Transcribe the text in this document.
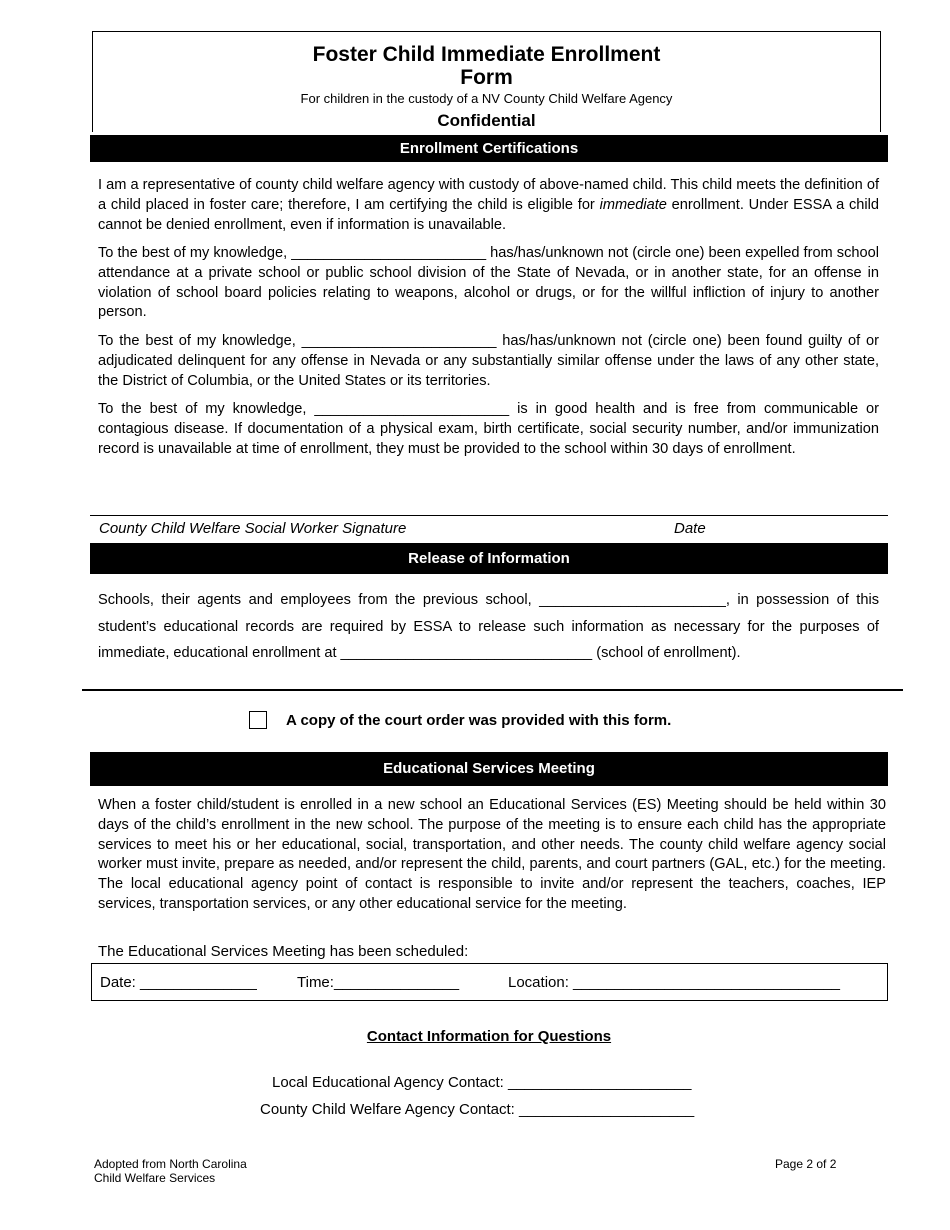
Foster Child Immediate Enrollment
Form
For children in the custody of a NV County Child Welfare Agency
Confidential
Enrollment Certifications

I am a representative of county child welfare agency with custody of above-named child. This child meets the definition of a child placed in foster care; therefore, I am certifying the child is eligible for immediate enrollment. Under ESSA a child cannot be denied enrollment, even if information is unavailable.

To the best of my knowledge, ________________________ has/has/unknown not (circle one) been expelled from school attendance at a private school or public school division of the State of Nevada, or in another state, for an offense in violation of school board policies relating to weapons, alcohol or drugs, or for the willful infliction of injury to another person.

To the best of my knowledge, ________________________ has/has/unknown not (circle one) been found guilty of or adjudicated delinquent for any offense in Nevada or any substantially similar offense under the laws of any other state, the District of Columbia, or the United States or its territories.

To the best of my knowledge, ________________________ is in good health and is free from communicable or contagious disease. If documentation of a physical exam, birth certificate, social security number, and/or immunization record is unavailable at time of enrollment, they must be provided to the school within 30 days of enrollment.

County Child Welfare Social Worker Signature	Date
Release of Information

Schools, their agents and employees from the previous school, _______________________, in possession of this student’s educational records are required by ESSA to release such information as necessary for the purposes of immediate, educational enrollment at _______________________________ (school of enrollment).

A copy of the court order was provided with this form.
Educational Services Meeting

When a foster child/student is enrolled in a new school an Educational Services (ES) Meeting should be held within 30 days of the child’s enrollment in the new school. The purpose of the meeting is to ensure each child has the appropriate services to meet his or her educational, social, transportation, and other needs. The county child welfare agency social worker must invite, prepare as needed, and/or represent the child, parents, and court partners (GAL, etc.) for the meeting. The local educational agency point of contact is responsible to invite and/or represent the teachers, coaches, IEP services, transportation services, or any other educational service for the meeting.

The Educational Services Meeting has been scheduled:
Date: ______________	Time:_______________	Location: ________________________________
Contact Information for Questions
Local Educational Agency Contact: ______________________
County Child Welfare Agency Contact: _____________________
Adopted from North Carolina
Child Welfare Services
Page 2 of 2
